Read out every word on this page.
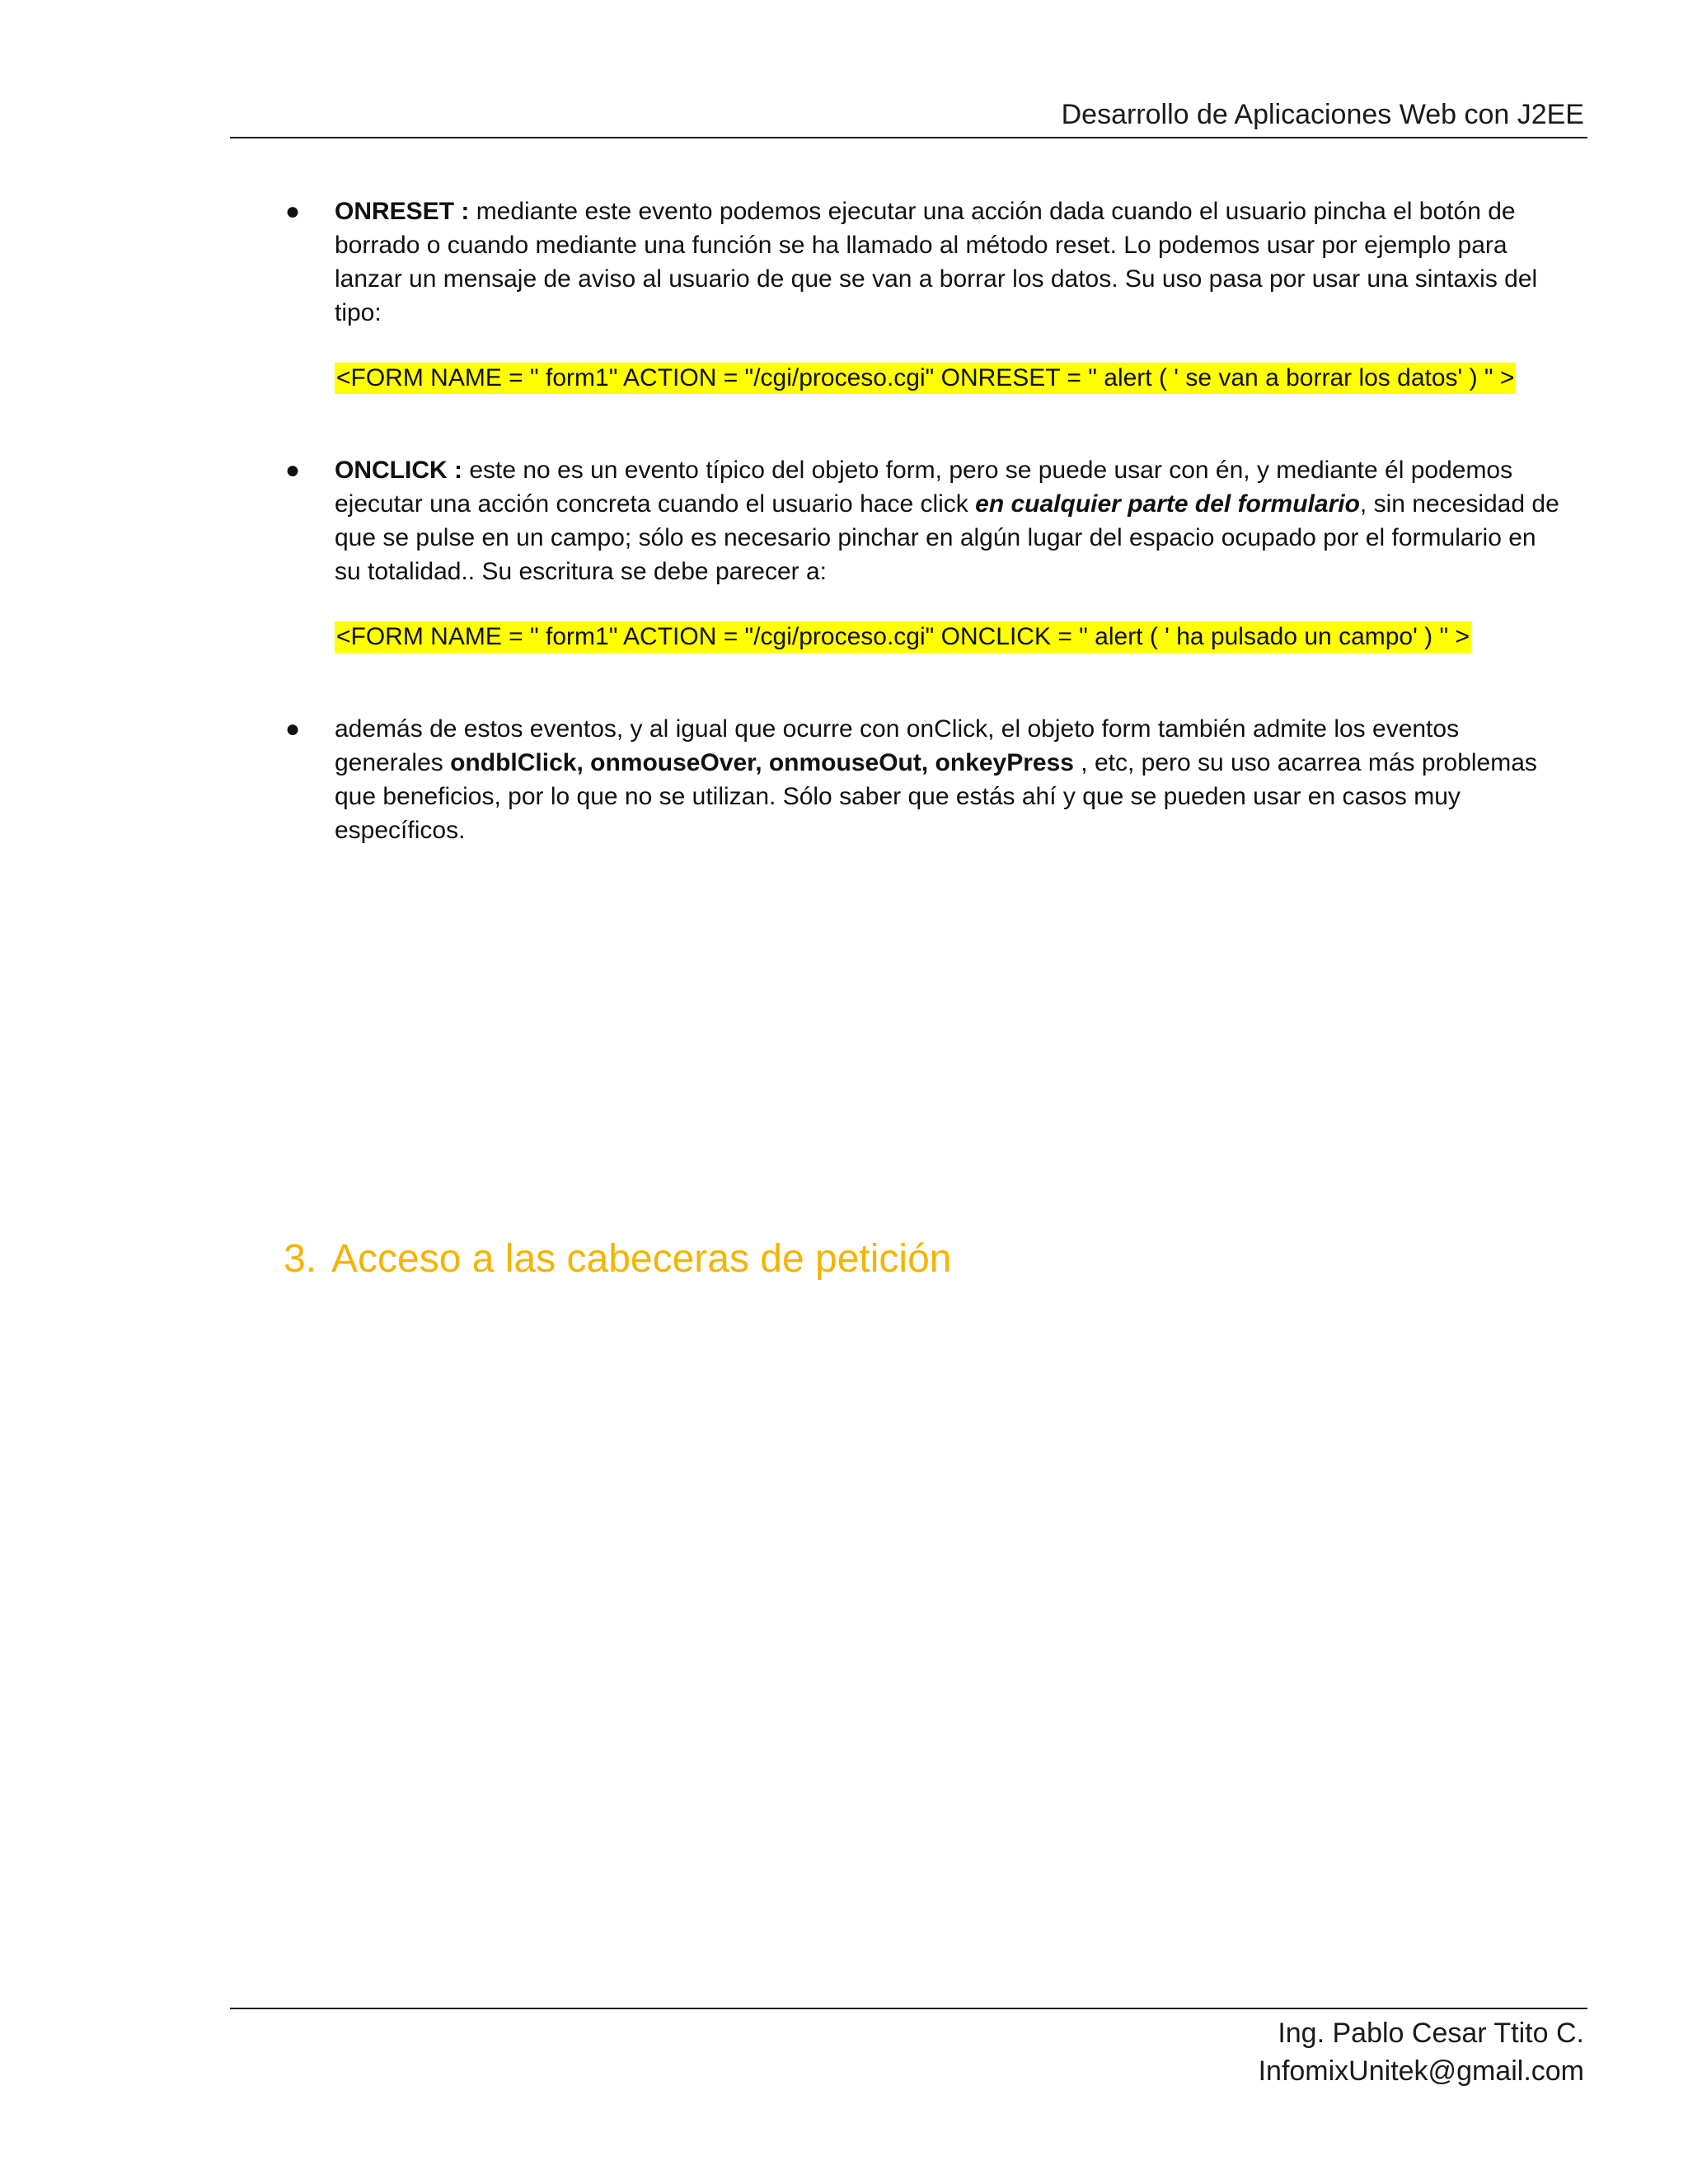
Desarrollo de Aplicaciones Web con J2EE
● ONRESET : mediante este evento podemos ejecutar una acción dada cuando el usuario pincha el botón de borrado o cuando mediante una función se ha llamado al método reset. Lo podemos usar por ejemplo para lanzar un mensaje de aviso al usuario de que se van a borrar los datos. Su uso pasa por usar una sintaxis del tipo:

<FORM NAME = " form1" ACTION = "/cgi/proceso.cgi" ONRESET = " alert ( ' se van a borrar los datos' ) " >
● ONCLICK : este no es un evento típico del objeto form, pero se puede usar con én, y mediante él podemos ejecutar una acción concreta cuando el usuario hace click en cualquier parte del formulario, sin necesidad de que se pulse en un campo; sólo es necesario pinchar en algún lugar del espacio ocupado por el formulario en su totalidad.. Su escritura se debe parecer a:

<FORM NAME = " form1" ACTION = "/cgi/proceso.cgi" ONCLICK = " alert ( ' ha pulsado un campo' ) " >
● además de estos eventos, y al igual que ocurre con onClick, el objeto form también admite los eventos generales ondblClick, onmouseOver, onmouseOut, onkeyPress , etc, pero su uso acarrea más problemas que beneficios, por lo que no se utilizan. Sólo saber que estás ahí y que se pueden usar en casos muy específicos.

3. Acceso a las cabeceras de petición
Ing. Pablo Cesar Ttito C.
InfomixUnitek@gmail.com
